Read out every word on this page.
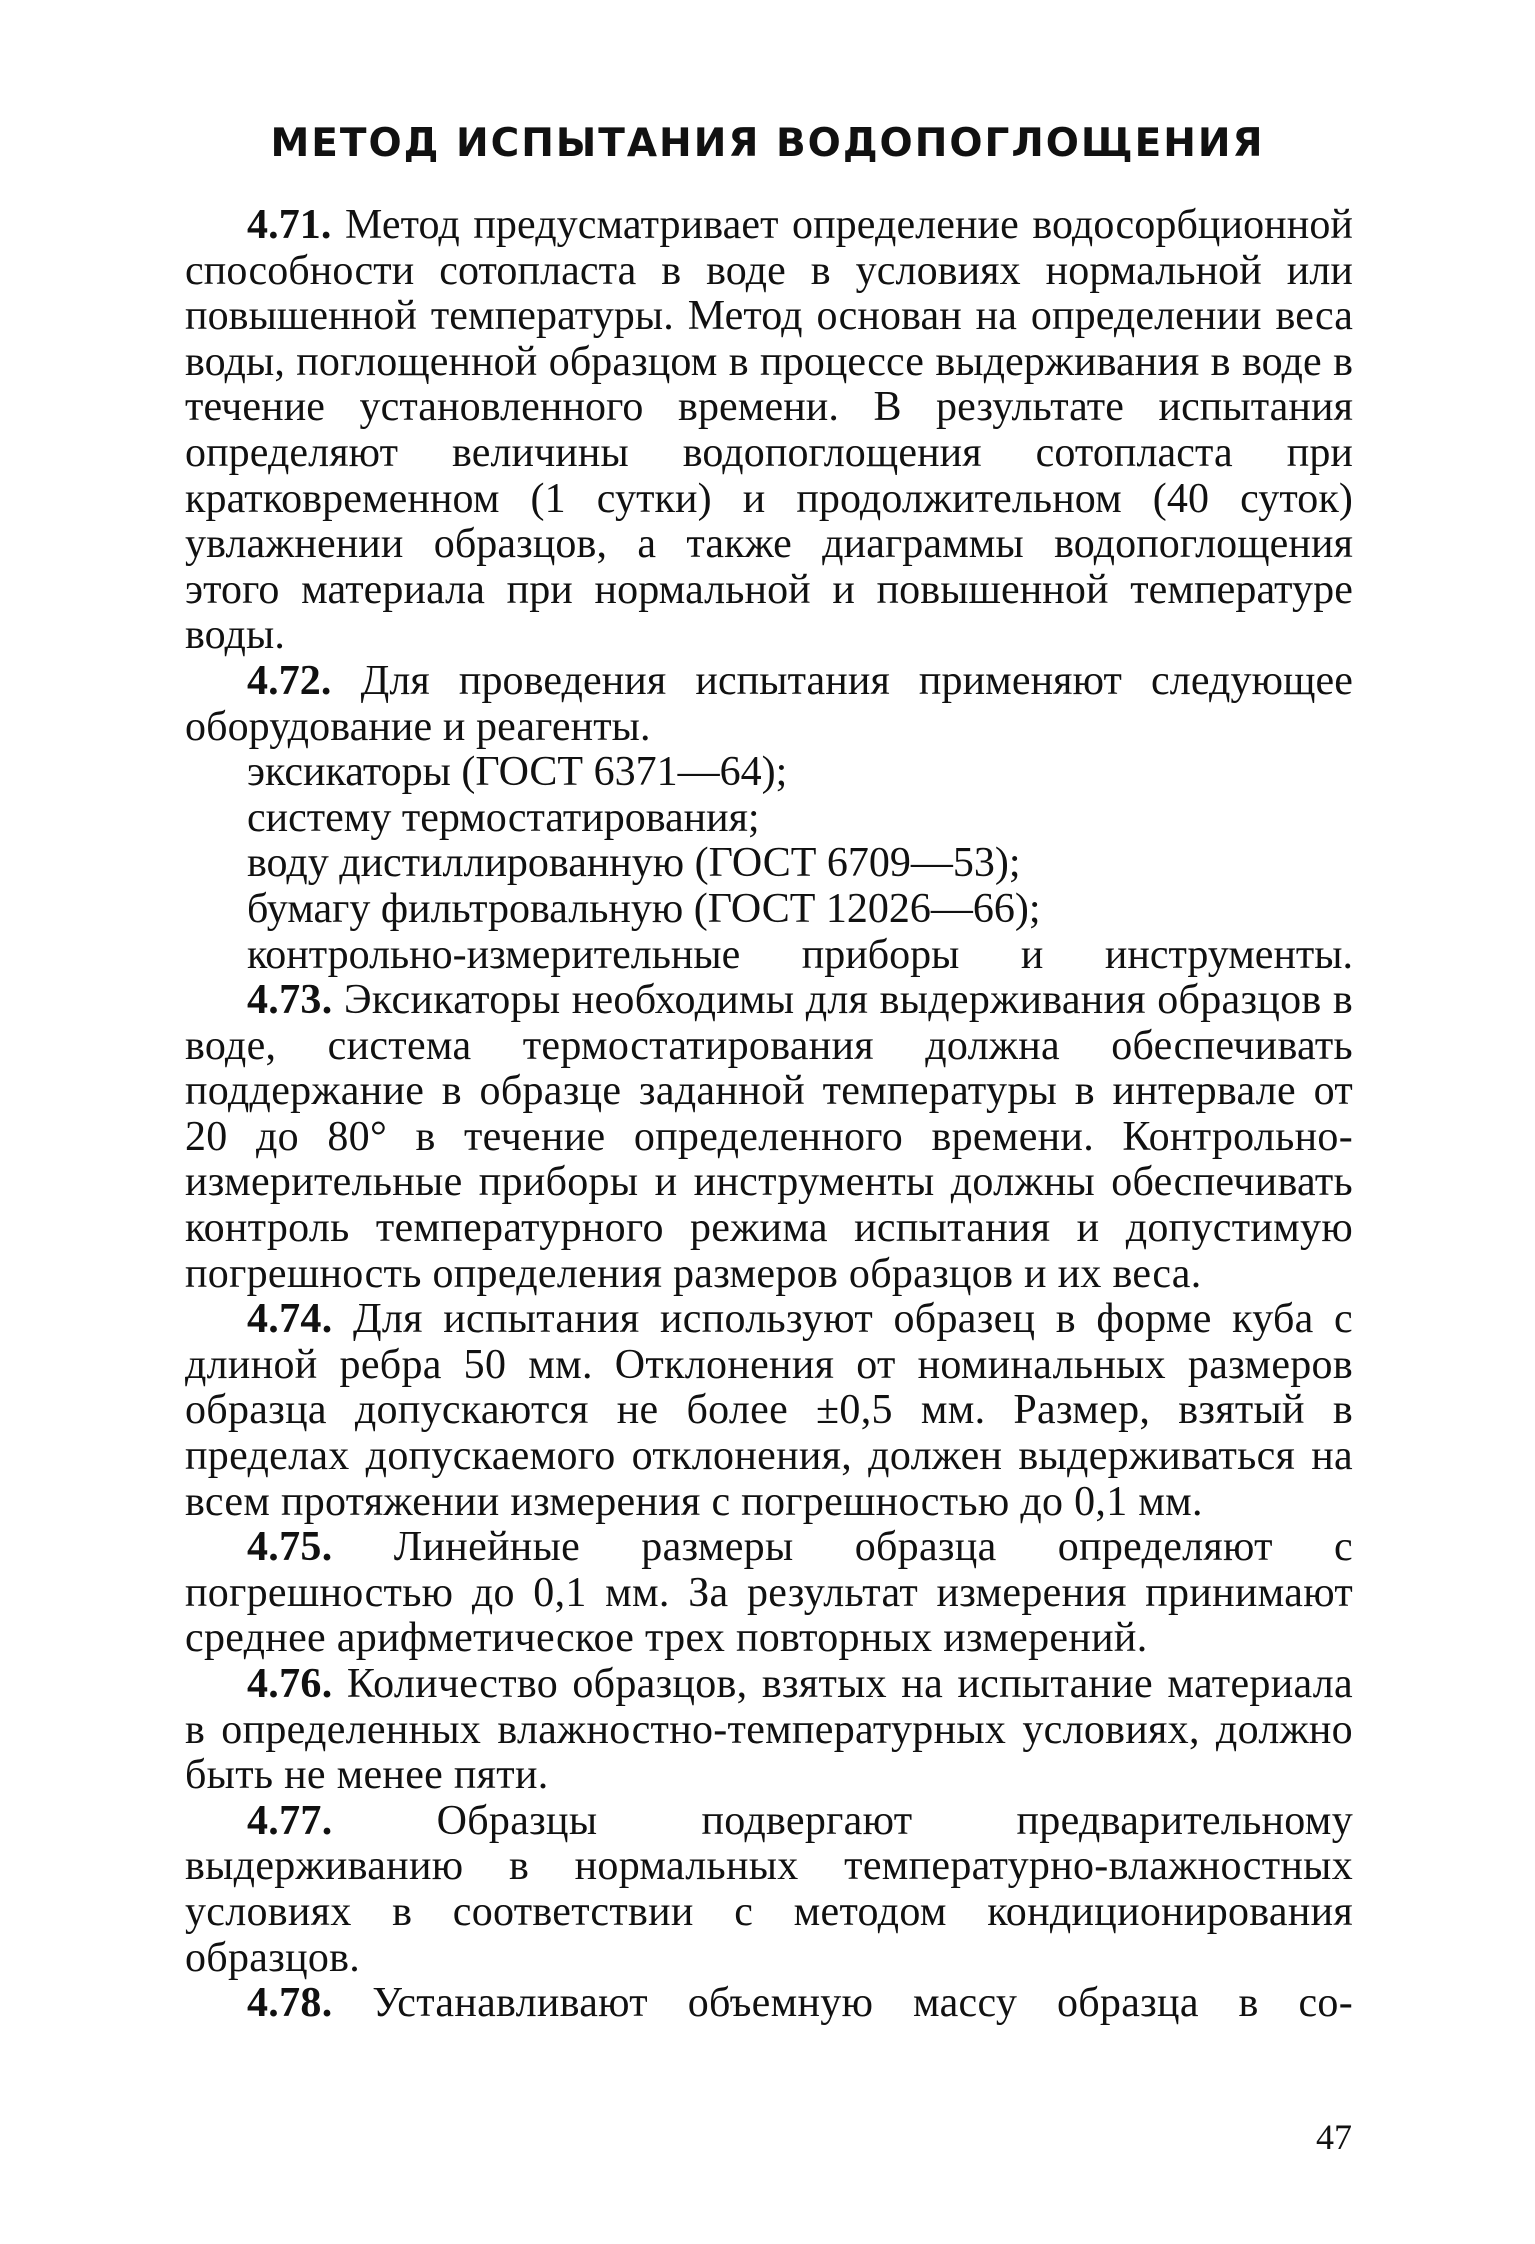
МЕТОД ИСПЫТАНИЯ ВОДОПОГЛОЩЕНИЯ

4.71. Метод предусматривает определение водосорбционной способности сотопласта в воде в условиях нормальной или повышенной температуры. Метод основан на определении веса воды, поглощенной образцом в процессе выдерживания в воде в течение установленного времени. В результате испытания определяют величины водопоглощения сотопласта при кратковременном (1 сутки) и продолжительном (40 суток) увлажнении образцов, а также диаграммы водопоглощения этого материала при нормальной и повышенной температуре воды.

4.72. Для проведения испытания применяют следующее оборудование и реагенты.

эксикаторы (ГОСТ 6371—64);

систему термостатирования;

воду дистиллированную (ГОСТ 6709—53);

бумагу фильтровальную (ГОСТ 12026—66);

контрольно-измерительные приборы и инструменты.

4.73. Эксикаторы необходимы для выдерживания образцов в воде, система термостатирования должна обеспечивать поддержание в образце заданной температуры в интервале от 20 до 80° в течение определенного времени. Контрольно-измерительные приборы и инструменты должны обеспечивать контроль температурного режима испытания и допустимую погрешность определения размеров образцов и их веса.

4.74. Для испытания используют образец в форме куба с длиной ребра 50 мм. Отклонения от номинальных размеров образца допускаются не более ±0,5 мм. Размер, взятый в пределах допускаемого отклонения, должен выдерживаться на всем протяжении измерения с погрешностью до 0,1 мм.

4.75. Линейные размеры образца определяют с погрешностью до 0,1 мм. За результат измерения принимают среднее арифметическое трех повторных измерений.

4.76. Количество образцов, взятых на испытание материала в определенных влажностно-температурных условиях, должно быть не менее пяти.

4.77. Образцы подвергают предварительному выдерживанию в нормальных температурно-влажностных условиях в соответствии с методом кондиционирования образцов.

4.78. Устанавливают объемную массу образца в со-

47
